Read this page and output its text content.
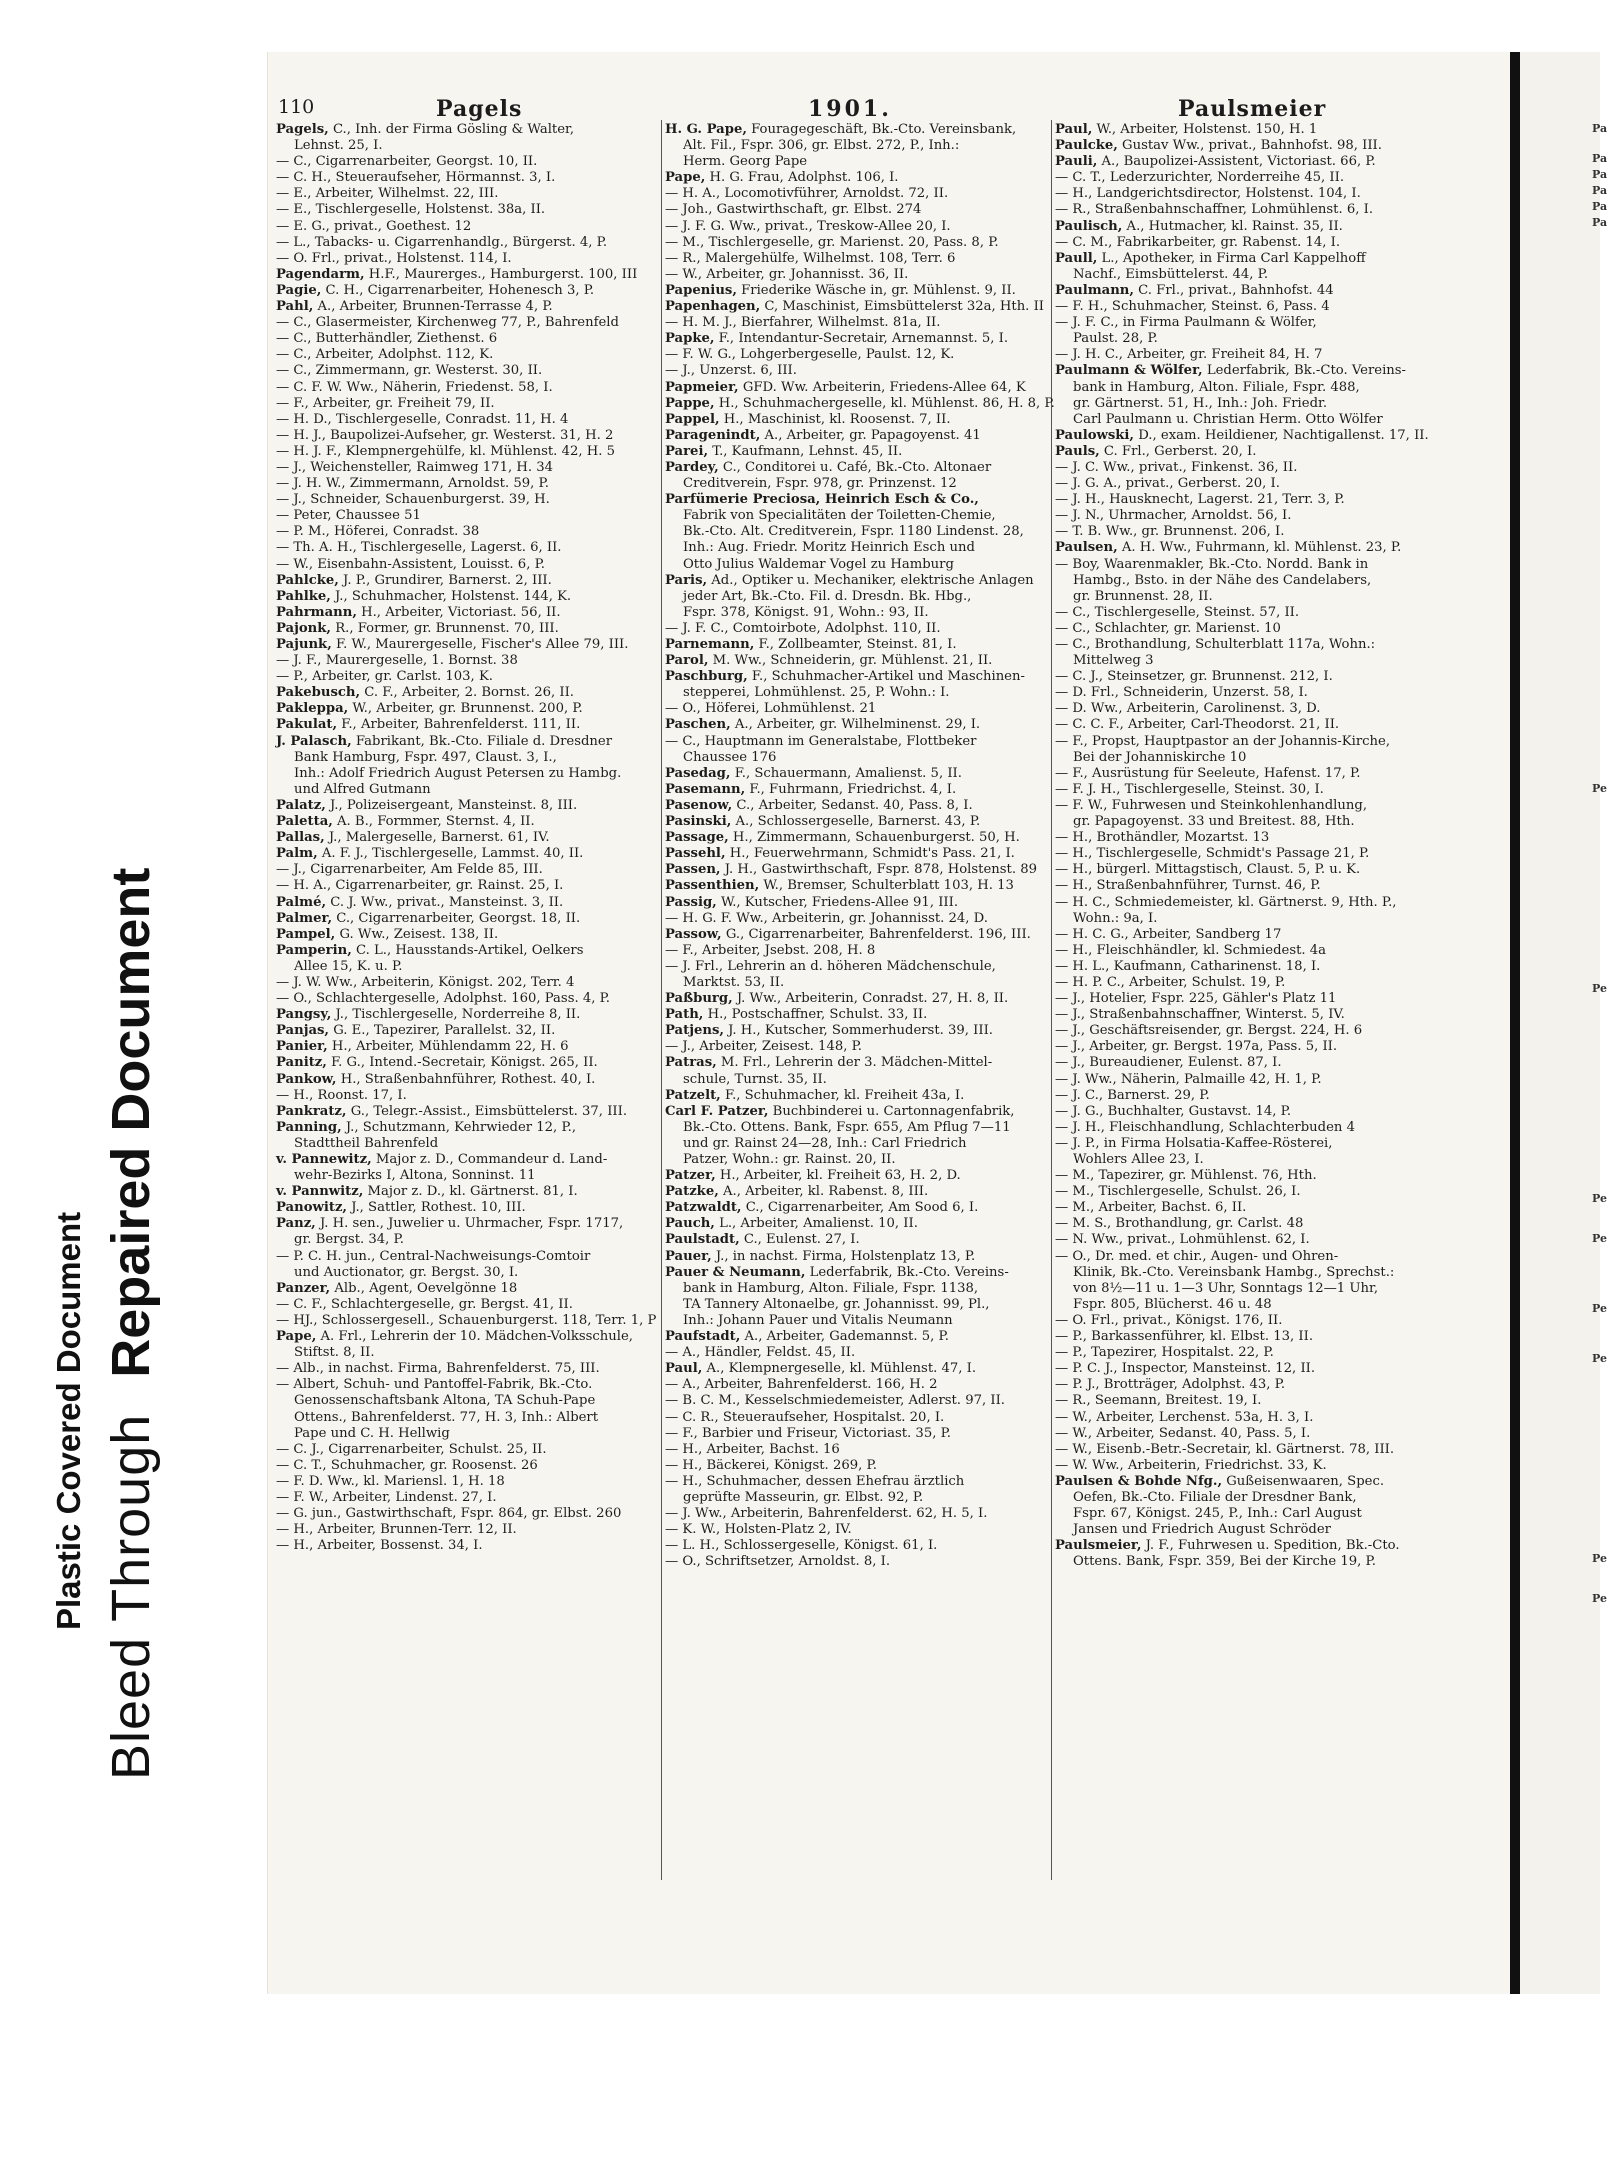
Bleed ThroughRepaired Document
Plastic Covered Document
Pa
Pa
Pa
Pa
Pa
Pa
Pe
Pe
Pe
Pe
Pe
Pe
Pe
Pe
110	Pagels	1901.	Paulsmeier

Pagels, C., Inh. der Firma Gösling & Walter,

Lehnst. 25, I.

— C., Cigarrenarbeiter, Georgst. 10, II.

— C. H., Steueraufseher, Hörmannst. 3, I.

— E., Arbeiter, Wilhelmst. 22, III.

— E., Tischlergeselle, Holstenst. 38a, II.

— E. G., privat., Goethest. 12

— L., Tabacks- u. Cigarrenhandlg., Bürgerst. 4, P.

— O. Frl., privat., Holstenst. 114, I.

Pagendarm, H.F., Maurerges., Hamburgerst. 100, III

Pagie, C. H., Cigarrenarbeiter, Hohenesch 3, P.

Pahl, A., Arbeiter, Brunnen-Terrasse 4, P.

— C., Glasermeister, Kirchenweg 77, P., Bahrenfeld

— C., Butterhändler, Ziethenst. 6

— C., Arbeiter, Adolphst. 112, K.

— C., Zimmermann, gr. Westerst. 30, II.

— C. F. W. Ww., Näherin, Friedenst. 58, I.

— F., Arbeiter, gr. Freiheit 79, II.

— H. D., Tischlergeselle, Conradst. 11, H. 4

— H. J., Baupolizei-Aufseher, gr. Westerst. 31, H. 2

— H. J. F., Klempnergehülfe, kl. Mühlenst. 42, H. 5

— J., Weichensteller, Raimweg 171, H. 34

— J. H. W., Zimmermann, Arnoldst. 59, P.

— J., Schneider, Schauenburgerst. 39, H.

— Peter, Chaussee 51

— P. M., Höferei, Conradst. 38

— Th. A. H., Tischlergeselle, Lagerst. 6, II.

— W., Eisenbahn-Assistent, Louisst. 6, P.

Pahlcke, J. P., Grundirer, Barnerst. 2, III.

Pahlke, J., Schuhmacher, Holstenst. 144, K.

Pahrmann, H., Arbeiter, Victoriast. 56, II.

Pajonk, R., Former, gr. Brunnenst. 70, III.

Pajunk, F. W., Maurergeselle, Fischer's Allee 79, III.

— J. F., Maurergeselle, 1. Bornst. 38

— P., Arbeiter, gr. Carlst. 103, K.

Pakebusch, C. F., Arbeiter, 2. Bornst. 26, II.

Pakleppa, W., Arbeiter, gr. Brunnenst. 200, P.

Pakulat, F., Arbeiter, Bahrenfelderst. 111, II.

J. Palasch, Fabrikant, Bk.-Cto. Filiale d. Dresdner

Bank Hamburg, Fspr. 497, Claust. 3, I.,

Inh.: Adolf Friedrich August Petersen zu Hambg.

und Alfred Gutmann

Palatz, J., Polizeisergeant, Mansteinst. 8, III.

Paletta, A. B., Formmer, Sternst. 4, II.

Pallas, J., Malergeselle, Barnerst. 61, IV.

Palm, A. F. J., Tischlergeselle, Lammst. 40, II.

— J., Cigarrenarbeiter, Am Felde 85, III.

— H. A., Cigarrenarbeiter, gr. Rainst. 25, I.

Palmé, C. J. Ww., privat., Mansteinst. 3, II.

Palmer, C., Cigarrenarbeiter, Georgst. 18, II.

Pampel, G. Ww., Zeisest. 138, II.

Pamperin, C. L., Hausstands-Artikel, Oelkers

Allee 15, K. u. P.

— J. W. Ww., Arbeiterin, Königst. 202, Terr. 4

— O., Schlachtergeselle, Adolphst. 160, Pass. 4, P.

Pangsy, J., Tischlergeselle, Norderreihe 8, II.

Panjas, G. E., Tapezirer, Parallelst. 32, II.

Panier, H., Arbeiter, Mühlendamm 22, H. 6

Panitz, F. G., Intend.-Secretair, Königst. 265, II.

Pankow, H., Straßenbahnführer, Rothest. 40, I.

— H., Roonst. 17, I.

Pankratz, G., Telegr.-Assist., Eimsbüttelerst. 37, III.

Panning, J., Schutzmann, Kehrwieder 12, P.,

Stadttheil Bahrenfeld

v. Pannewitz, Major z. D., Commandeur d. Land-

wehr-Bezirks I, Altona, Sonninst. 11

v. Pannwitz, Major z. D., kl. Gärtnerst. 81, I.

Panowitz, J., Sattler, Rothest. 10, III.

Panz, J. H. sen., Juwelier u. Uhrmacher, Fspr. 1717,

gr. Bergst. 34, P.

— P. C. H. jun., Central-Nachweisungs-Comtoir

und Auctionator, gr. Bergst. 30, I.

Panzer, Alb., Agent, Oevelgönne 18

— C. F., Schlachtergeselle, gr. Bergst. 41, II.

— HJ., Schlossergesell., Schauenburgerst. 118, Terr. 1, P

Pape, A. Frl., Lehrerin der 10. Mädchen-Volksschule,

Stiftst. 8, II.

— Alb., in nachst. Firma, Bahrenfelderst. 75, III.

— Albert, Schuh- und Pantoffel-Fabrik, Bk.-Cto.

Genossenschaftsbank Altona, TA Schuh-Pape

Ottens., Bahrenfelderst. 77, H. 3, Inh.: Albert

Pape und C. H. Hellwig

— C. J., Cigarrenarbeiter, Schulst. 25, II.

— C. T., Schuhmacher, gr. Roosenst. 26

— F. D. Ww., kl. Mariensl. 1, H. 18

— F. W., Arbeiter, Lindenst. 27, I.

— G. jun., Gastwirthschaft, Fspr. 864, gr. Elbst. 260

— H., Arbeiter, Brunnen-Terr. 12, II.

— H., Arbeiter, Bossenst. 34, I.

H. G. Pape, Fouragegeschäft, Bk.-Cto. Vereinsbank,

Alt. Fil., Fspr. 306, gr. Elbst. 272, P., Inh.:

Herm. Georg Pape

Pape, H. G. Frau, Adolphst. 106, I.

— H. A., Locomotivführer, Arnoldst. 72, II.

— Joh., Gastwirthschaft, gr. Elbst. 274

— J. F. G. Ww., privat., Treskow-Allee 20, I.

— M., Tischlergeselle, gr. Marienst. 20, Pass. 8, P.

— R., Malergehülfe, Wilhelmst. 108, Terr. 6

— W., Arbeiter, gr. Johannisst. 36, II.

Papenius, Friederike Wäsche in, gr. Mühlenst. 9, II.

Papenhagen, C, Maschinist, Eimsbüttelerst 32a, Hth. II

— H. M. J., Bierfahrer, Wilhelmst. 81a, II.

Papke, F., Intendantur-Secretair, Arnemannst. 5, I.

— F. W. G., Lohgerbergeselle, Paulst. 12, K.

— J., Unzerst. 6, III.

Papmeier, GFD. Ww. Arbeiterin, Friedens-Allee 64, K

Pappe, H., Schuhmachergeselle, kl. Mühlenst. 86, H. 8, P.

Pappel, H., Maschinist, kl. Roosenst. 7, II.

Paragenindt, A., Arbeiter, gr. Papagoyenst. 41

Parei, T., Kaufmann, Lehnst. 45, II.

Pardey, C., Conditorei u. Café, Bk.-Cto. Altonaer

Creditverein, Fspr. 978, gr. Prinzenst. 12

Parfümerie Preciosa, Heinrich Esch & Co.,

Fabrik von Specialitäten der Toiletten-Chemie,

Bk.-Cto. Alt. Creditverein, Fspr. 1180 Lindenst. 28,

Inh.: Aug. Friedr. Moritz Heinrich Esch und

Otto Julius Waldemar Vogel zu Hamburg

Paris, Ad., Optiker u. Mechaniker, elektrische Anlagen

jeder Art, Bk.-Cto. Fil. d. Dresdn. Bk. Hbg.,

Fspr. 378, Königst. 91, Wohn.: 93, II.

— J. F. C., Comtoirbote, Adolphst. 110, II.

Parnemann, F., Zollbeamter, Steinst. 81, I.

Parol, M. Ww., Schneiderin, gr. Mühlenst. 21, II.

Paschburg, F., Schuhmacher-Artikel und Maschinen-

stepperei, Lohmühlenst. 25, P. Wohn.: I.

— O., Höferei, Lohmühlenst. 21

Paschen, A., Arbeiter, gr. Wilhelminenst. 29, I.

— C., Hauptmann im Generalstabe, Flottbeker

Chaussee 176

Pasedag, F., Schauermann, Amalienst. 5, II.

Pasemann, F., Fuhrmann, Friedrichst. 4, I.

Pasenow, C., Arbeiter, Sedanst. 40, Pass. 8, I.

Pasinski, A., Schlossergeselle, Barnerst. 43, P.

Passage, H., Zimmermann, Schauenburgerst. 50, H.

Passehl, H., Feuerwehrmann, Schmidt's Pass. 21, I.

Passen, J. H., Gastwirthschaft, Fspr. 878, Holstenst. 89

Passenthien, W., Bremser, Schulterblatt 103, H. 13

Passig, W., Kutscher, Friedens-Allee 91, III.

— H. G. F. Ww., Arbeiterin, gr. Johannisst. 24, D.

Passow, G., Cigarrenarbeiter, Bahrenfelderst. 196, III.

— F., Arbeiter, Jsebst. 208, H. 8

— J. Frl., Lehrerin an d. höheren Mädchenschule,

Marktst. 53, II.

Paßburg, J. Ww., Arbeiterin, Conradst. 27, H. 8, II.

Path, H., Postschaffner, Schulst. 33, II.

Patjens, J. H., Kutscher, Sommerhuderst. 39, III.

— J., Arbeiter, Zeisest. 148, P.

Patras, M. Frl., Lehrerin der 3. Mädchen-Mittel-

schule, Turnst. 35, II.

Patzelt, F., Schuhmacher, kl. Freiheit 43a, I.

Carl F. Patzer, Buchbinderei u. Cartonnagenfabrik,

Bk.-Cto. Ottens. Bank, Fspr. 655, Am Pflug 7—11

und gr. Rainst 24—28, Inh.: Carl Friedrich

Patzer, Wohn.: gr. Rainst. 20, II.

Patzer, H., Arbeiter, kl. Freiheit 63, H. 2, D.

Patzke, A., Arbeiter, kl. Rabenst. 8, III.

Patzwaldt, C., Cigarrenarbeiter, Am Sood 6, I.

Pauch, L., Arbeiter, Amalienst. 10, II.

Paulstadt, C., Eulenst. 27, I.

Pauer, J., in nachst. Firma, Holstenplatz 13, P.

Pauer & Neumann, Lederfabrik, Bk.-Cto. Vereins-

bank in Hamburg, Alton. Filiale, Fspr. 1138,

TA Tannery Altonaelbe, gr. Johannisst. 99, Pl.,

Inh.: Johann Pauer und Vitalis Neumann

Paufstadt, A., Arbeiter, Gademannst. 5, P.

— A., Händler, Feldst. 45, II.

Paul, A., Klempnergeselle, kl. Mühlenst. 47, I.

— A., Arbeiter, Bahrenfelderst. 166, H. 2

— B. C. M., Kesselschmiedemeister, Adlerst. 97, II.

— C. R., Steueraufseher, Hospitalst. 20, I.

— F., Barbier und Friseur, Victoriast. 35, P.

— H., Arbeiter, Bachst. 16

— H., Bäckerei, Königst. 269, P.

— H., Schuhmacher, dessen Ehefrau ärztlich

geprüfte Masseurin, gr. Elbst. 92, P.

— J. Ww., Arbeiterin, Bahrenfelderst. 62, H. 5, I.

— K. W., Holsten-Platz 2, IV.

— L. H., Schlossergeselle, Königst. 61, I.

— O., Schriftsetzer, Arnoldst. 8, I.

Paul, W., Arbeiter, Holstenst. 150, H. 1

Paulcke, Gustav Ww., privat., Bahnhofst. 98, III.

Pauli, A., Baupolizei-Assistent, Victoriast. 66, P.

— C. T., Lederzurichter, Norderreihe 45, II.

— H., Landgerichtsdirector, Holstenst. 104, I.

— R., Straßenbahnschaffner, Lohmühlenst. 6, I.

Paulisch, A., Hutmacher, kl. Rainst. 35, II.

— C. M., Fabrikarbeiter, gr. Rabenst. 14, I.

Paull, L., Apotheker, in Firma Carl Kappelhoff

Nachf., Eimsbüttelerst. 44, P.

Paulmann, C. Frl., privat., Bahnhofst. 44

— F. H., Schuhmacher, Steinst. 6, Pass. 4

— J. F. C., in Firma Paulmann & Wölfer,

Paulst. 28, P.

— J. H. C., Arbeiter, gr. Freiheit 84, H. 7

Paulmann & Wölfer, Lederfabrik, Bk.-Cto. Vereins-

bank in Hamburg, Alton. Filiale, Fspr. 488,

gr. Gärtnerst. 51, H., Inh.: Joh. Friedr.

Carl Paulmann u. Christian Herm. Otto Wölfer

Paulowski, D., exam. Heildiener, Nachtigallenst. 17, II.

Pauls, C. Frl., Gerberst. 20, I.

— J. C. Ww., privat., Finkenst. 36, II.

— J. G. A., privat., Gerberst. 20, I.

— J. H., Hausknecht, Lagerst. 21, Terr. 3, P.

— J. N., Uhrmacher, Arnoldst. 56, I.

— T. B. Ww., gr. Brunnenst. 206, I.

Paulsen, A. H. Ww., Fuhrmann, kl. Mühlenst. 23, P.

— Boy, Waarenmakler, Bk.-Cto. Nordd. Bank in

Hambg., Bsto. in der Nähe des Candelabers,

gr. Brunnenst. 28, II.

— C., Tischlergeselle, Steinst. 57, II.

— C., Schlachter, gr. Marienst. 10

— C., Brothandlung, Schulterblatt 117a, Wohn.:

Mittelweg 3

— C. J., Steinsetzer, gr. Brunnenst. 212, I.

— D. Frl., Schneiderin, Unzerst. 58, I.

— D. Ww., Arbeiterin, Carolinenst. 3, D.

— C. C. F., Arbeiter, Carl-Theodorst. 21, II.

— F., Propst, Hauptpastor an der Johannis-Kirche,

Bei der Johanniskirche 10

— F., Ausrüstung für Seeleute, Hafenst. 17, P.

— F. J. H., Tischlergeselle, Steinst. 30, I.

— F. W., Fuhrwesen und Steinkohlenhandlung,

gr. Papagoyenst. 33 und Breitest. 88, Hth.

— H., Brothändler, Mozartst. 13

— H., Tischlergeselle, Schmidt's Passage 21, P.

— H., bürgerl. Mittagstisch, Claust. 5, P. u. K.

— H., Straßenbahnführer, Turnst. 46, P.

— H. C., Schmiedemeister, kl. Gärtnerst. 9, Hth. P.,

Wohn.: 9a, I.

— H. C. G., Arbeiter, Sandberg 17

— H., Fleischhändler, kl. Schmiedest. 4a

— H. L., Kaufmann, Catharinenst. 18, I.

— H. P. C., Arbeiter, Schulst. 19, P.

— J., Hotelier, Fspr. 225, Gähler's Platz 11

— J., Straßenbahnschaffner, Winterst. 5, IV.

— J., Geschäftsreisender, gr. Bergst. 224, H. 6

— J., Arbeiter, gr. Bergst. 197a, Pass. 5, II.

— J., Bureaudiener, Eulenst. 87, I.

— J. Ww., Näherin, Palmaille 42, H. 1, P.

— J. C., Barnerst. 29, P.

— J. G., Buchhalter, Gustavst. 14, P.

— J. H., Fleischhandlung, Schlachterbuden 4

— J. P., in Firma Holsatia-Kaffee-Rösterei,

Wohlers Allee 23, I.

— M., Tapezirer, gr. Mühlenst. 76, Hth.

— M., Tischlergeselle, Schulst. 26, I.

— M., Arbeiter, Bachst. 6, II.

— M. S., Brothandlung, gr. Carlst. 48

— N. Ww., privat., Lohmühlenst. 62, I.

— O., Dr. med. et chir., Augen- und Ohren-

Klinik, Bk.-Cto. Vereinsbank Hambg., Sprechst.:

von 8½—11 u. 1—3 Uhr, Sonntags 12—1 Uhr,

Fspr. 805, Blücherst. 46 u. 48

— O. Frl., privat., Königst. 176, II.

— P., Barkassenführer, kl. Elbst. 13, II.

— P., Tapezirer, Hospitalst. 22, P.

— P. C. J., Inspector, Mansteinst. 12, II.

— P. J., Brotträger, Adolphst. 43, P.

— R., Seemann, Breitest. 19, I.

— W., Arbeiter, Lerchenst. 53a, H. 3, I.

— W., Arbeiter, Sedanst. 40, Pass. 5, I.

— W., Eisenb.-Betr.-Secretair, kl. Gärtnerst. 78, III.

— W. Ww., Arbeiterin, Friedrichst. 33, K.

Paulsen & Bohde Nfg., Gußeisenwaaren, Spec.

Oefen, Bk.-Cto. Filiale der Dresdner Bank,

Fspr. 67, Königst. 245, P., Inh.: Carl August

Jansen und Friedrich August Schröder

Paulsmeier, J. F., Fuhrwesen u. Spedition, Bk.-Cto.

Ottens. Bank, Fspr. 359, Bei der Kirche 19, P.
